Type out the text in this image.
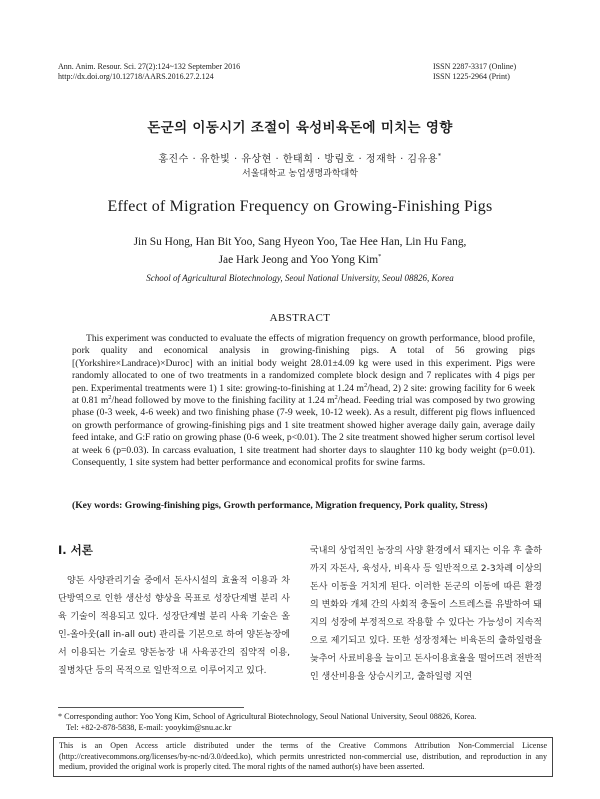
Ann. Anim. Resour. Sci. 27(2):124~132 September 2016
http://dx.doi.org/10.12718/AARS.2016.27.2.124
ISSN 2287-3317 (Online)
ISSN 1225-2964 (Print)
돈군의 이동시기 조절이 육성비육돈에 미치는 영향
홍진수 · 유한빛 · 유상현 · 한태희 · 방림호 · 정재학 · 김유용*
서울대학교 농업생명과학대학
Effect of Migration Frequency on Growing-Finishing Pigs
Jin Su Hong, Han Bit Yoo, Sang Hyeon Yoo, Tae Hee Han, Lin Hu Fang,
Jae Hark Jeong and Yoo Yong Kim*
School of Agricultural Biotechnology, Seoul National University, Seoul 08826, Korea
ABSTRACT

This experiment was conducted to evaluate the effects of migration frequency on growth performance, blood profile, pork quality and economical analysis in growing-finishing pigs. A total of 56 growing pigs [(Yorkshire×Landrace)×Duroc] with an initial body weight 28.01±4.09 kg were used in this experiment. Pigs were randomly allocated to one of two treatments in a randomized complete block design and 7 replicates with 4 pigs per pen. Experimental treatments were 1) 1 site: growing-to-finishing at 1.24 $m^2$/head, 2) 2 site: growing facility for 6 week at 0.81 $m^2$/head followed by move to the finishing facility at 1.24 $m^2$/head. Feeding trial was composed by two growing phase (0-3 week, 4-6 week) and two finishing phase (7-9 week, 10-12 week). As a result, different pig flows influenced on growth performance of growing-finishing pigs and 1 site treatment showed higher average daily gain, average daily feed intake, and G:F ratio on growing phase (0-6 week, p<0.01). The 2 site treatment showed higher serum cortisol level at week 6 (p=0.03). In carcass evaluation, 1 site treatment had shorter days to slaughter 110 kg body weight (p=0.01). Consequently, 1 site system had better performance and economical profits for swine farms.

(Key words: Growing-finishing pigs, Growth performance, Migration frequency, Pork quality, Stress)
Ⅰ. 서론

양돈 사양관리기술 중에서 돈사시설의 효율적 이용과 차단방역으로 인한 생산성 향상을 목표로 성장단계별 분리 사육 기술이 적용되고 있다. 성장단계별 분리 사육 기술은 올인-올아웃(all in-all out) 관리를 기본으로 하여 양돈농장에서 이용되는 기술로 양돈농장 내 사육공간의 집약적 이용, 질병차단 등의 목적으로 일반적으로 이루어지고 있다.

국내의 상업적인 농장의 사양 환경에서 돼지는 이유 후 출하까지 자돈사, 육성사, 비육사 등 일반적으로 2-3차례 이상의 돈사 이동을 거치게 된다. 이러한 돈군의 이동에 따른 환경의 변화와 개체 간의 사회적 충돌이 스트레스를 유발하여 돼지의 성장에 부정적으로 작용할 수 있다는 가능성이 지속적으로 제기되고 있다. 또한 성장정체는 비육돈의 출하일령을 늦추어 사료비용을 늘이고 돈사이용효율을 떨어뜨려 전반적인 생산비용을 상승시키고, 출하일령 지연

* Corresponding author: Yoo Yong Kim, School of Agricultural Biotechnology, Seoul National University, Seoul 08826, Korea.
Tel: +82-2-878-5838, E-mail: yooykim@snu.ac.kr
This is an Open Access article distributed under the terms of the Creative Commons Attribution Non-Commercial License (http://creativecommons.org/licenses/by-nc-nd/3.0/deed.ko), which permits unrestricted non-commercial use, distribution, and reproduction in any medium, provided the original work is properly cited. The moral rights of the named author(s) have been asserted.
